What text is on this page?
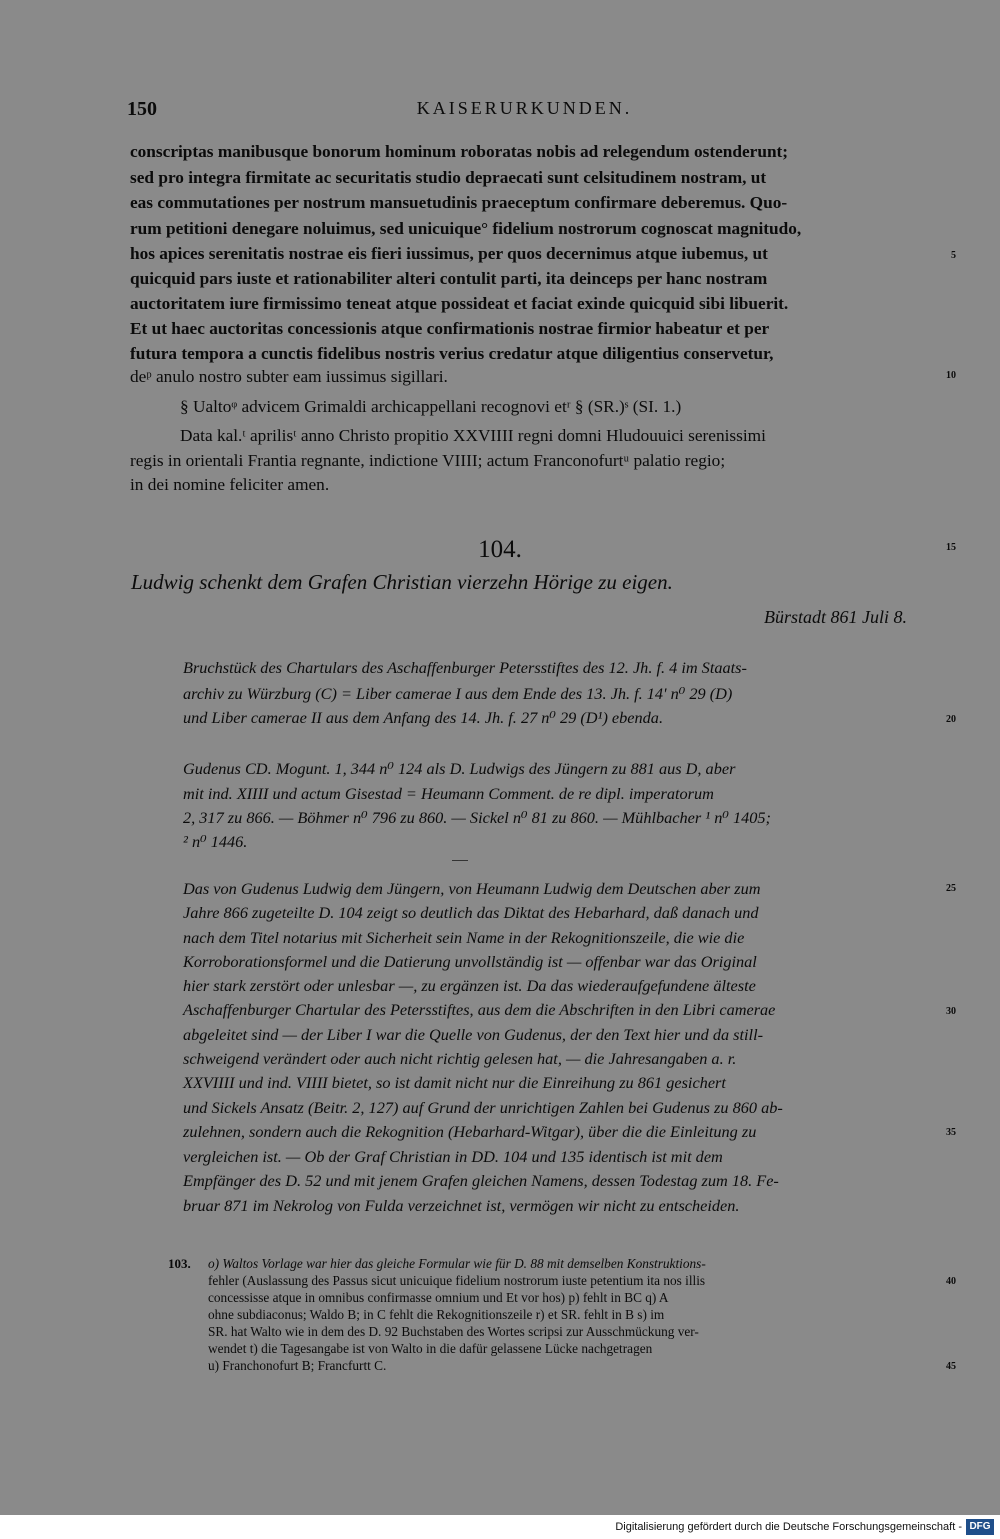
150	KAISERURKUNDEN.
conscriptas manibusque bonorum hominum roboratas nobis ad relegendum ostenderunt;
sed pro integra firmitate ac securitatis studio depraecati sunt celsitudinem nostram, ut
eas commutationes per nostrum mansuetudinis praeceptum confirmare deberemus. Quo-
rum petitioni denegare noluimus, sed unicuique° fidelium nostrorum cognoscat magnitudo,
hos apices serenitatis nostrae eis fieri iussimus, per quos decernimus atque iubemus, ut
quicquid pars iuste et rationabiliter alteri contulit parti, ita deinceps per hanc nostram
auctoritatem iure firmissimo teneat atque possideat et faciat exinde quicquid sibi libuerit.
Et ut haec auctoritas concessionis atque confirmationis nostrae firmior habeatur et per
futura tempora a cunctis fidelibus nostris verius credatur atque diligentius conservetur,
deᵖ anulo nostro subter eam iussimus sigillari.
§ Ualtoᵠ advicem Grimaldi archicappellani recognovi etʳ § (SR.)ˢ (SI. 1.)
Data kal.ᵗ aprilisᵗ anno Christo propitio XXVIIII regni domni Hludouuici serenissimi
regis in orientali Frantia regnante, indictione VIIII; actum Franconofurtᵘ palatio regio;
in dei nomine feliciter amen.
104.
Ludwig schenkt dem Grafen Christian vierzehn Hörige zu eigen.
Bürstadt 861 Juli 8.
Bruchstück des Chartulars des Aschaffenburger Petersstiftes des 12. Jh. f. 4 im Staats-
archiv zu Würzburg (C) = Liber camerae I aus dem Ende des 13. Jh. f. 14' n⁰ 29 (D)
und Liber camerae II aus dem Anfang des 14. Jh. f. 27 n⁰ 29 (D¹) ebenda.
Gudenus CD. Mogunt. 1, 344 n⁰ 124 als D. Ludwigs des Jüngern zu 881 aus D, aber
mit ind. XIIII und actum Gisestad = Heumann Comment. de re dipl. imperatorum
2, 317 zu 866. — Böhmer n⁰ 796 zu 860. — Sickel n⁰ 81 zu 860. — Mühlbacher ¹ n⁰ 1405;
² n⁰ 1446.
Das von Gudenus Ludwig dem Jüngern, von Heumann Ludwig dem Deutschen aber zum
Jahre 866 zugeteilte D. 104 zeigt so deutlich das Diktat des Hebarhard, daß danach und
nach dem Titel notarius mit Sicherheit sein Name in der Rekognitionszeile, die wie die
Korroborationsformel und die Datierung unvollständig ist — offenbar war das Original
hier stark zerstört oder unlesbar —, zu ergänzen ist. Da das wiederaufgefundene älteste
Aschaffenburger Chartular des Petersstiftes, aus dem die Abschriften in den Libri camerae
abgeleitet sind — der Liber I war die Quelle von Gudenus, der den Text hier und da still-
schweigend verändert oder auch nicht richtig gelesen hat, — die Jahresangaben a. r.
XXVIIII und ind. VIIII bietet, so ist damit nicht nur die Einreihung zu 861 gesichert
und Sickels Ansatz (Beitr. 2, 127) auf Grund der unrichtigen Zahlen bei Gudenus zu 860 ab-
zulehnen, sondern auch die Rekognition (Hebarhard-Witgar), über die die Einleitung zu
vergleichen ist. — Ob der Graf Christian in DD. 104 und 135 identisch ist mit dem
Empfänger des D. 52 und mit jenem Grafen gleichen Namens, dessen Todestag zum 18. Fe-
bruar 871 im Nekrolog von Fulda verzeichnet ist, vermögen wir nicht zu entscheiden.
103. o) Waltos Vorlage war hier das gleiche Formular wie für D. 88 mit demselben Konstruktions-
fehler (Auslassung des Passus sicut unicuique fidelium nostrorum iuste petentium ita nos illis
concessisse atque in omnibus confirmasse omnium und Et vor hos) p) fehlt in BC q) A
ohne subdiaconus; Waldo B; in C fehlt die Rekognitionszeile r) et SR. fehlt in B s) im
SR. hat Walto wie in dem des D. 92 Buchstaben des Wortes scripsi zur Ausschmückung ver-
wendet t) die Tagesangabe ist von Walto in die dafür gelassene Lücke nachgetragen
u) Franchonofurt B; Francfurtt C.
5
10
15
20
25
30
35
40
45
Digitalisierung gefördert durch die Deutsche Forschungsgemeinschaft - DFG
